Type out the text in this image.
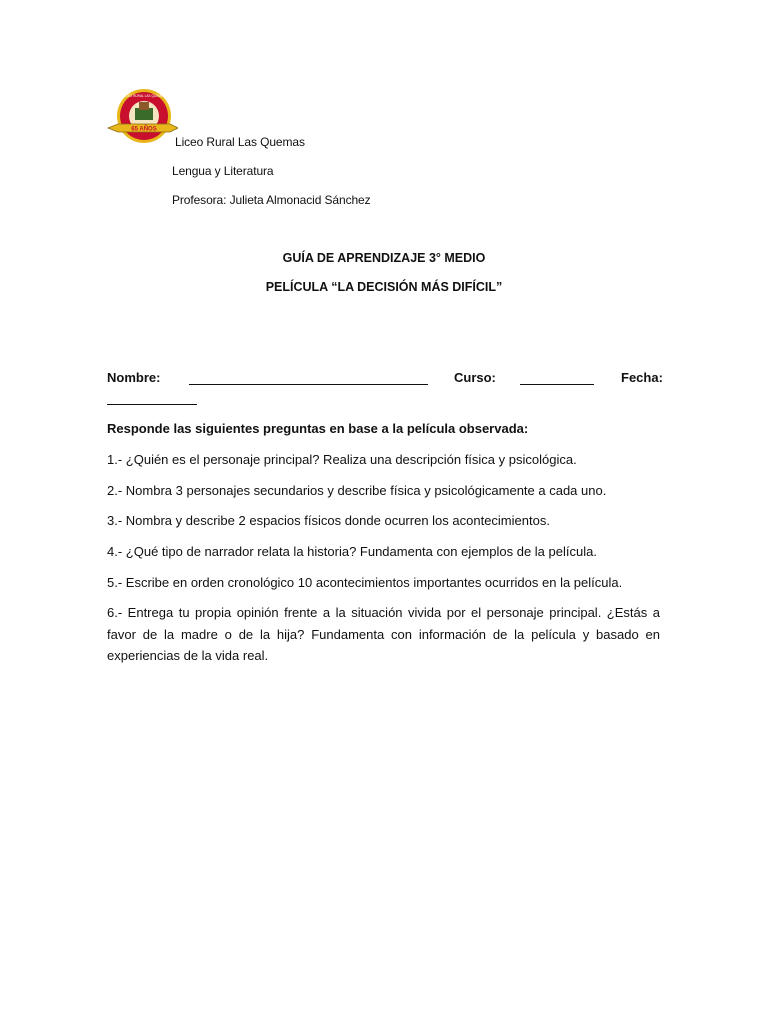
65 AÑOS
LICEO RURAL LAS QUEMAS
Liceo Rural Las Quemas
Lengua y Literatura
Profesora: Julieta Almonacid Sánchez
GUÍA DE APRENDIZAJE 3° MEDIO
PELÍCULA “LA DECISIÓN MÁS DIFÍCIL”
Nombre:	Curso:	Fecha:
Responde las siguientes preguntas en base a la película observada:
1.- ¿Quién es el personaje principal? Realiza una descripción física y psicológica.
2.- Nombra 3 personajes secundarios y describe física y psicológicamente a cada uno.
3.- Nombra y describe 2 espacios físicos donde ocurren los acontecimientos.
4.- ¿Qué tipo de narrador relata la historia? Fundamenta con ejemplos de la película.
5.- Escribe en orden cronológico 10 acontecimientos importantes ocurridos en la película.
6.- Entrega tu propia opinión frente a la situación vivida por el personaje principal. ¿Estás a favor de la madre o de la hija? Fundamenta con información de la película y basado en experiencias de la vida real.
